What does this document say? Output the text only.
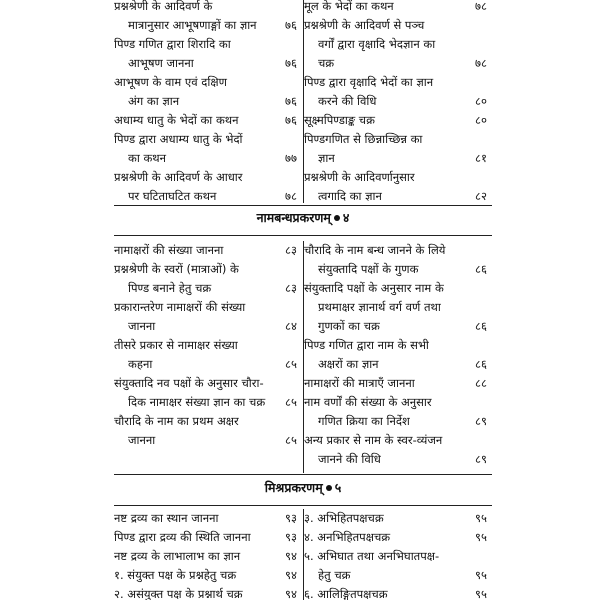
प्रश्नश्रेणी के आदिवर्ण के
मात्रानुसार आभूषणाङ्गों का ज्ञान	७६
पिण्ड गणित द्वारा शिरादि का
आभूषण जानना	७६
आभूषण के वाम एवं दक्षिण
अंग का ज्ञान	७६
अधाम्य धातु के भेदों का कथन	७६
पिण्ड द्वारा अधाम्य धातु के भेदों
का कथन	७७
प्रश्नश्रेणी के आदिवर्ण के आधार
पर घटिताघटित कथन	७८
मूल के भेदों का कथन	७८
प्रश्नश्रेणी के आदिवर्ण से पञ्च
वर्गों द्वारा वृक्षादि भेदज्ञान का
चक्र	७८
पिण्ड द्वारा वृक्षादि भेदों का ज्ञान
करने की विधि	८०
सूक्ष्मपिण्डाङ्क चक्र	८०
पिण्डगणित से छिन्नाच्छिन्न का
ज्ञान	८१
प्रश्नश्रेणी के आदिवर्णानुसार
त्वगादि का ज्ञान	८२
नामबन्धप्रकरणम् ४
नामाक्षरों की संख्या जानना	८३
प्रश्नश्रेणी के स्वरों (मात्राओं) के
पिण्ड बनाने हेतु चक्र	८३
प्रकारान्तरेण नामाक्षरों की संख्या
जानना	८४
तीसरे प्रकार से नामाक्षर संख्या
कहना	८५
संयुक्तादि नव पक्षों के अनुसार चौरा-
दिक नामाक्षर संख्या ज्ञान का चक्र	८५
चौरादि के नाम का प्रथम अक्षर
जानना	८५
चौरादि के नाम बन्ध जानने के लिये
संयुक्तादि पक्षों के गुणक	८६
संयुक्तादि पक्षों के अनुसार नाम के
प्रथमाक्षर ज्ञानार्थ वर्ग वर्ण तथा
गुणकों का चक्र	८६
पिण्ड गणित द्वारा नाम के सभी
अक्षरों का ज्ञान	८६
नामाक्षरों की मात्राएँ जानना	८८
नाम वर्णों की संख्या के अनुसार
गणित क्रिया का निर्देश	८९
अन्य प्रकार से नाम के स्वर-व्यंजन
जानने की विधि	८९
मिश्रप्रकरणम् ५
नष्ट द्रव्य का स्थान जानना	९३
पिण्ड द्वारा द्रव्य की स्थिति जानना	९३
नष्ट द्रव्य के लाभालाभ का ज्ञान	९४
१. संयुक्त पक्ष के प्रश्नहेतु चक्र	९४
२. असंयुक्त पक्ष के प्रश्नार्थ चक्र	९४
३. अभिहितपक्षचक्र	९५
४. अनभिहितपक्षचक्र	९५
५. अभिघात तथा अनभिघातपक्ष-
हेतु चक्र	९५
६. आलिङ्गितपक्षचक्र	९५
